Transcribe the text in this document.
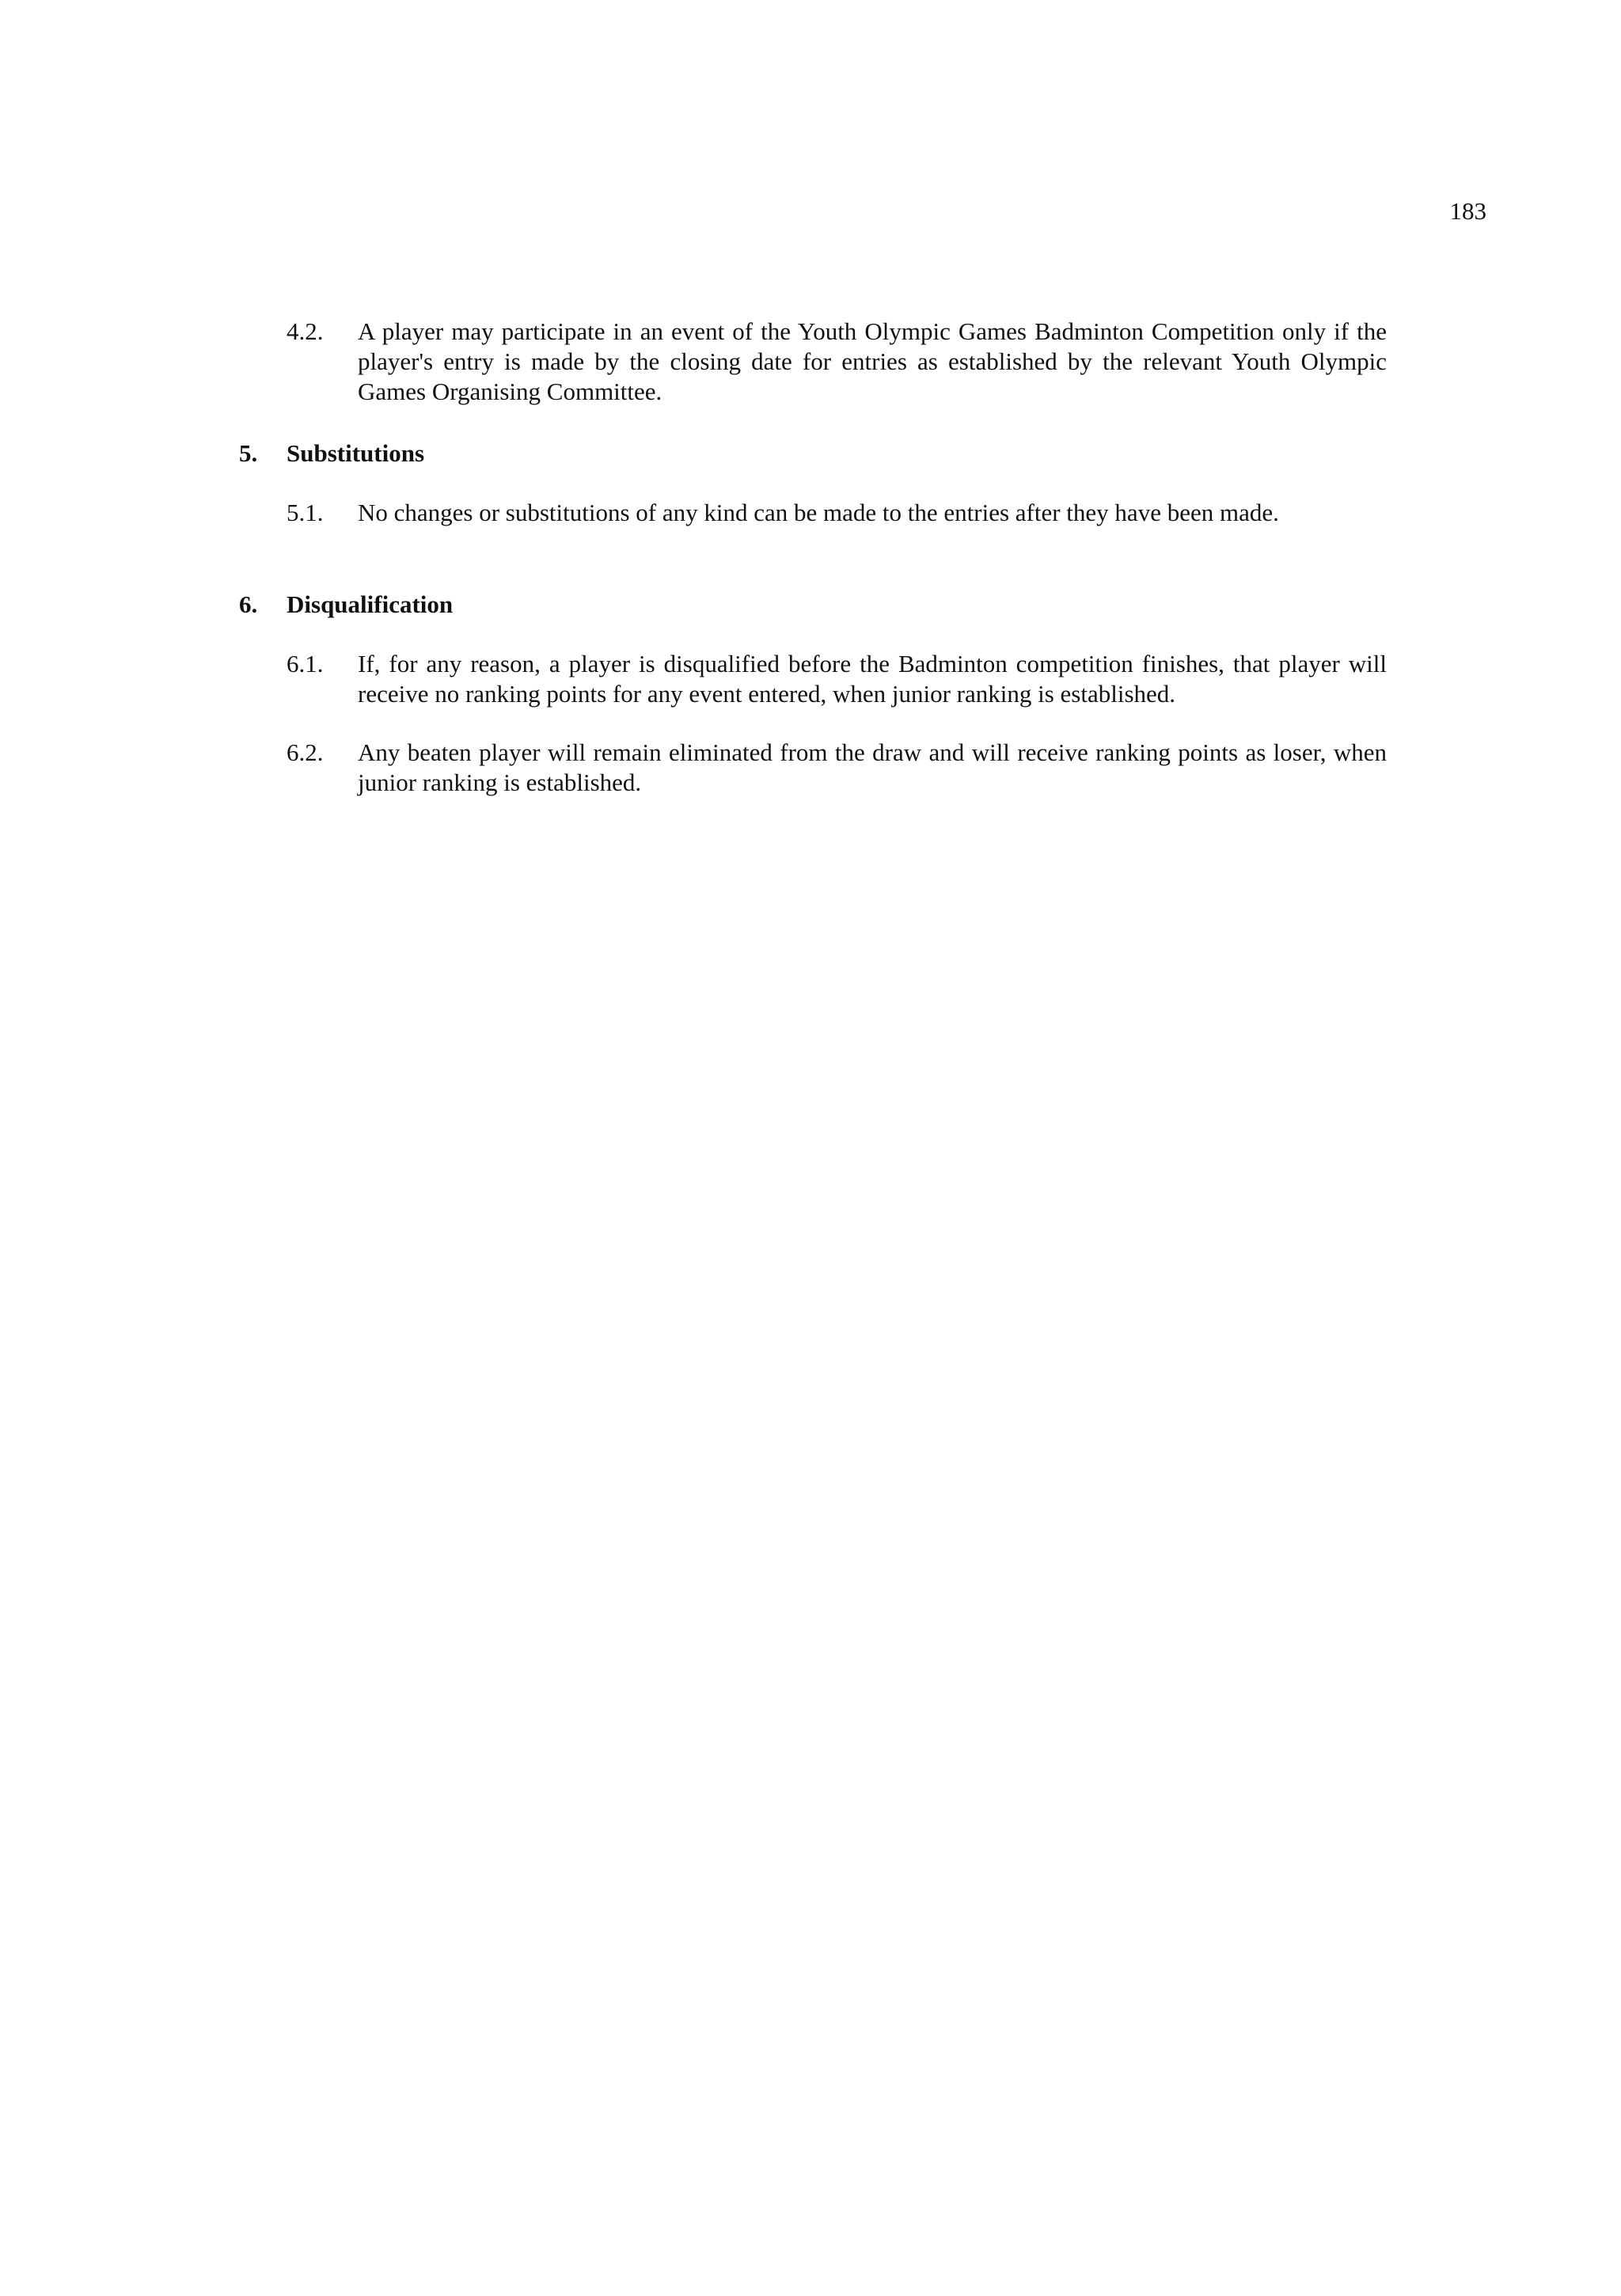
183
4.2. A player may participate in an event of the Youth Olympic Games Badminton Competition only if the player's entry is made by the closing date for entries as established by the relevant Youth Olympic Games Organising Committee.
5. Substitutions
5.1. No changes or substitutions of any kind can be made to the entries after they have been made.
6. Disqualification
6.1. If, for any reason, a player is disqualified before the Badminton competition finishes, that player will receive no ranking points for any event entered, when junior ranking is established.
6.2. Any beaten player will remain eliminated from the draw and will receive ranking points as loser, when junior ranking is established.
